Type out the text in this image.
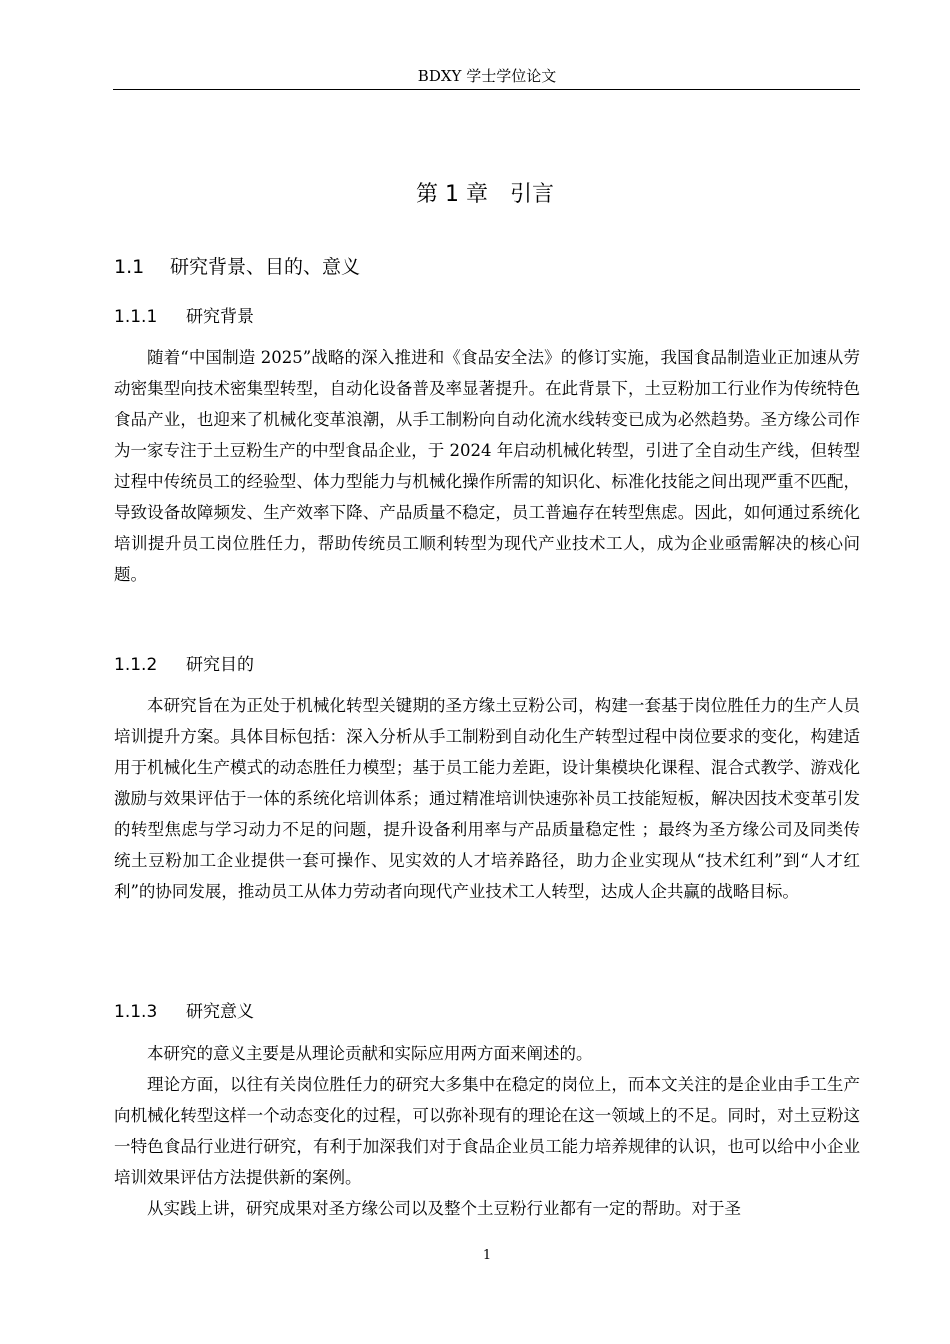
BDXY 学士学位论文
第 1 章 引言
1.1 研究背景、目的、意义
1.1.1 研究背景

随着“中国制造 2025”战略的深入推进和《食品安全法》的修订实施，我国食品制造业正加速从劳动密集型向技术密集型转型，自动化设备普及率显著提升。在此背景下，土豆粉加工行业作为传统特色食品产业，也迎来了机械化变革浪潮，从手工制粉向自动化流水线转变已成为必然趋势。圣方缘公司作为一家专注于土豆粉生产的中型食品企业，于 2024 年启动机械化转型，引进了全自动生产线，但转型过程中传统员工的经验型、体力型能力与机械化操作所需的知识化、标准化技能之间出现严重不匹配，导致设备故障频发、生产效率下降、产品质量不稳定，员工普遍存在转型焦虑。因此，如何通过系统化培训提升员工岗位胜任力，帮助传统员工顺利转型为现代产业技术工人，成为企业亟需解决的核心问题。

1.1.2 研究目的

本研究旨在为正处于机械化转型关键期的圣方缘土豆粉公司，构建一套基于岗位胜任力的生产人员培训提升方案。具体目标包括：深入分析从手工制粉到自动化生产转型过程中岗位要求的变化，构建适用于机械化生产模式的动态胜任力模型；基于员工能力差距，设计集模块化课程、混合式教学、游戏化激励与效果评估于一体的系统化培训体系；通过精准培训快速弥补员工技能短板，解决因技术变革引发的转型焦虑与学习动力不足的问题，提升设备利用率与产品质量稳定性 ；最终为圣方缘公司及同类传统土豆粉加工企业提供一套可操作、见实效的人才培养路径，助力企业实现从“技术红利”到“人才红利”的协同发展，推动员工从体力劳动者向现代产业技术工人转型，达成人企共赢的战略目标。

1.1.3 研究意义

本研究的意义主要是从理论贡献和实际应用两方面来阐述的。

理论方面，以往有关岗位胜任力的研究大多集中在稳定的岗位上，而本文关注的是企业由手工生产向机械化转型这样一个动态变化的过程，可以弥补现有的理论在这一领域上的不足。同时，对土豆粉这一特色食品行业进行研究，有利于加深我们对于食品企业员工能力培养规律的认识，也可以给中小企业培训效果评估方法提供新的案例。

从实践上讲，研究成果对圣方缘公司以及整个土豆粉行业都有一定的帮助。对于圣

1
